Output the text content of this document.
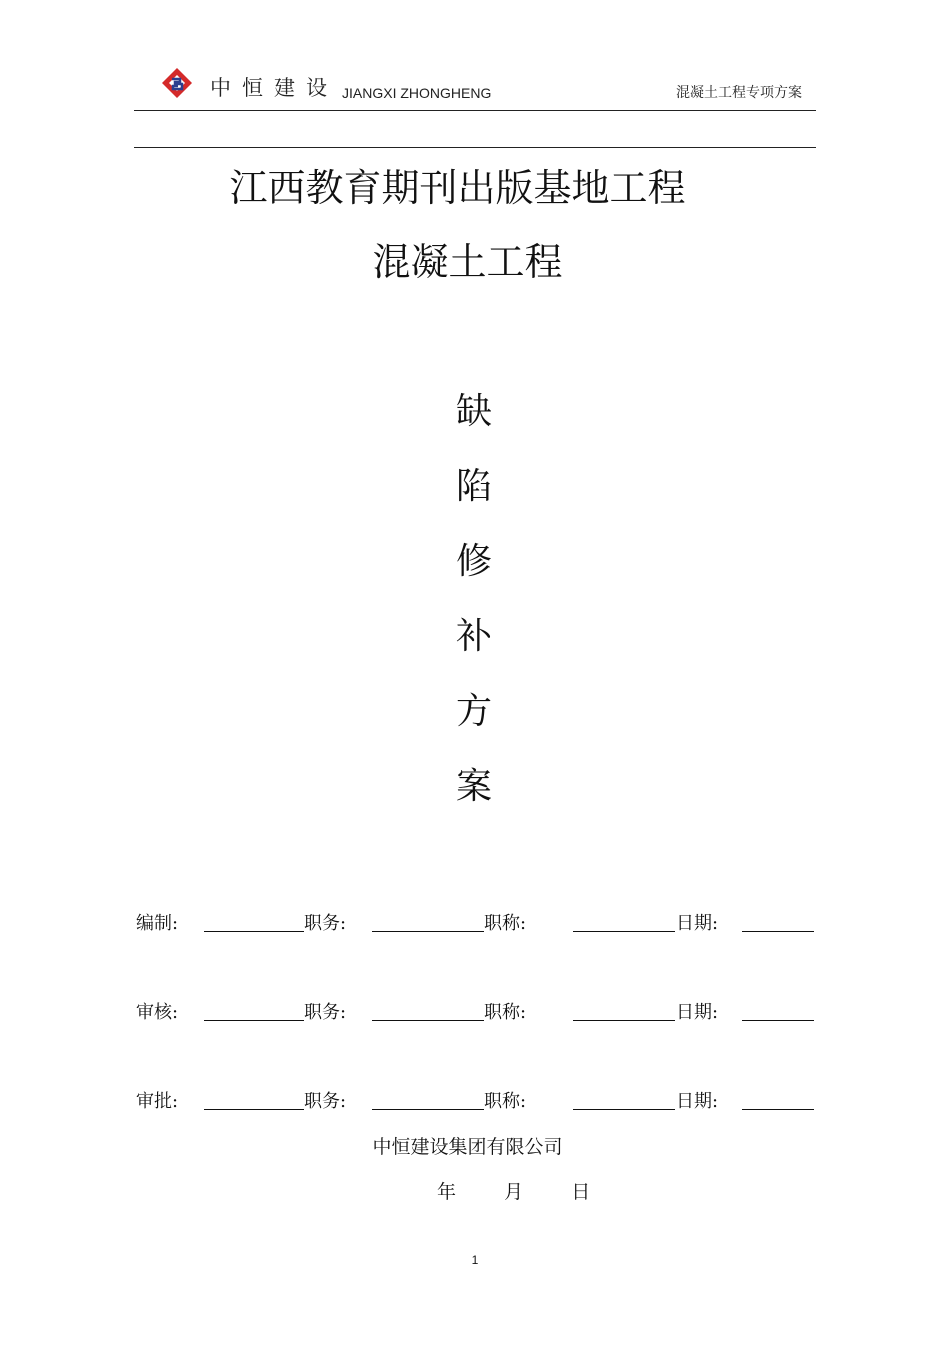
中恒建设 JIANGXI ZHONGHENG	混凝土工程专项方案
江西教育期刊出版基地工程
混凝土工程
缺
陷
修
补
方
案
编制:	职务:	职称:	日期:
审核:	职务:	职称:	日期:
审批:	职务:	职称:	日期:
中恒建设集团有限公司
年	月	日
1
